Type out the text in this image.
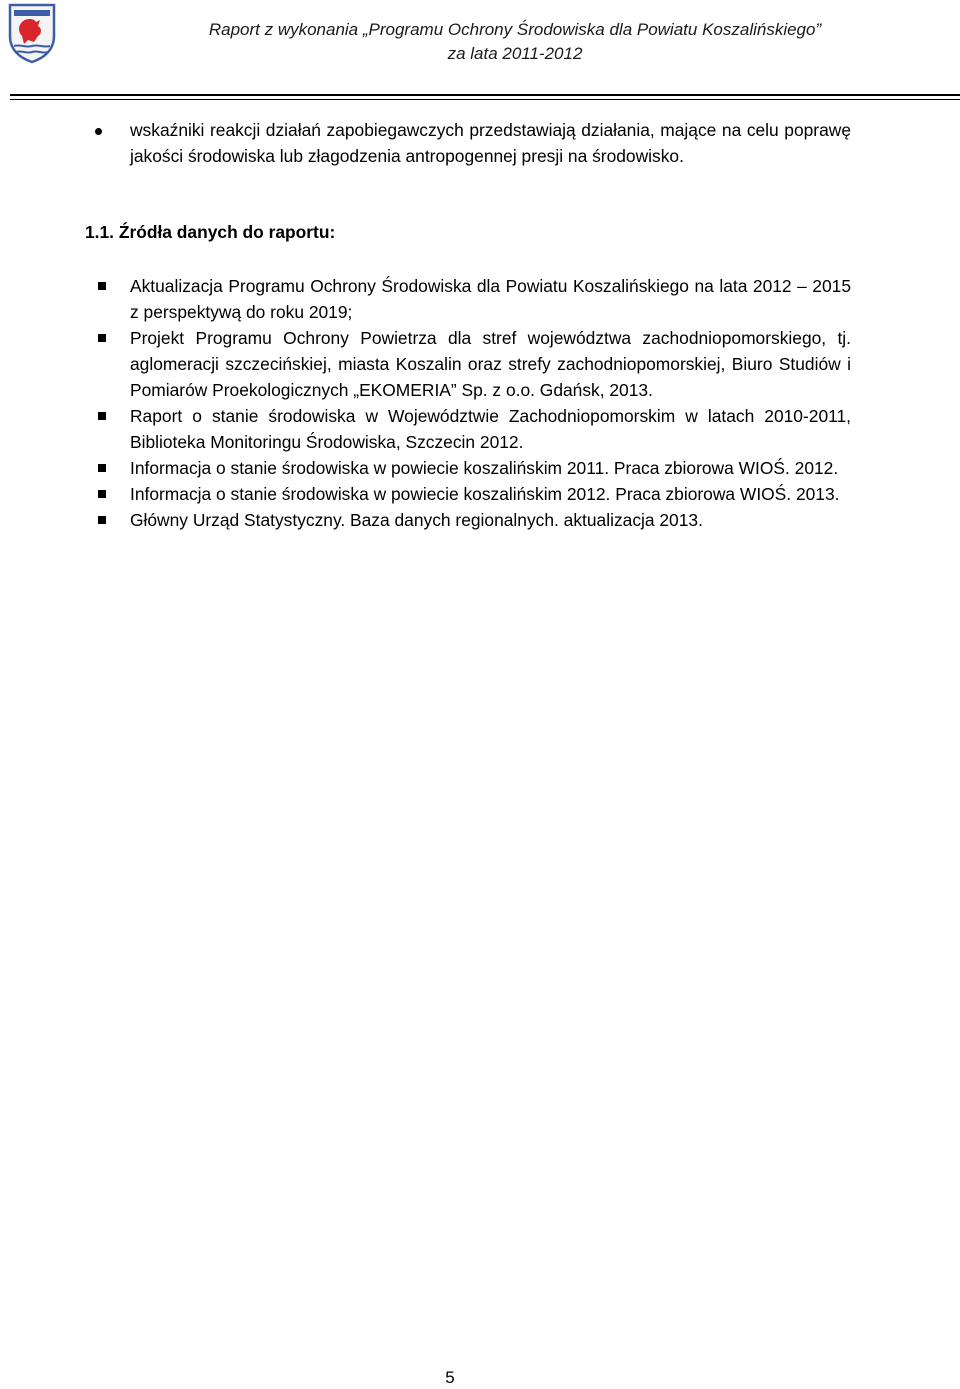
Raport z wykonania „Programu Ochrony Środowiska dla Powiatu Koszalińskiego”
za lata 2011-2012
wskaźniki reakcji działań zapobiegawczych przedstawiają działania, mające na celu poprawę jakości środowiska lub złagodzenia antropogennej presji na środowisko.
1.1. Źródła danych do raportu:
Aktualizacja Programu Ochrony Środowiska dla Powiatu Koszalińskiego na lata 2012 – 2015 z perspektywą do roku 2019;
Projekt Programu Ochrony Powietrza dla stref województwa zachodniopomorskiego, tj. aglomeracji szczecińskiej, miasta Koszalin oraz strefy zachodniopomorskiej, Biuro Studiów i Pomiarów Proekologicznych „EKOMERIA” Sp. z o.o. Gdańsk, 2013.
Raport o stanie środowiska w Województwie Zachodniopomorskim w latach 2010-2011, Biblioteka Monitoringu Środowiska, Szczecin 2012.
Informacja o stanie środowiska w powiecie koszalińskim 2011. Praca zbiorowa WIOŚ. 2012.
Informacja o stanie środowiska w powiecie koszalińskim 2012. Praca zbiorowa WIOŚ. 2013.
Główny Urząd Statystyczny. Baza danych regionalnych. aktualizacja 2013.
5
